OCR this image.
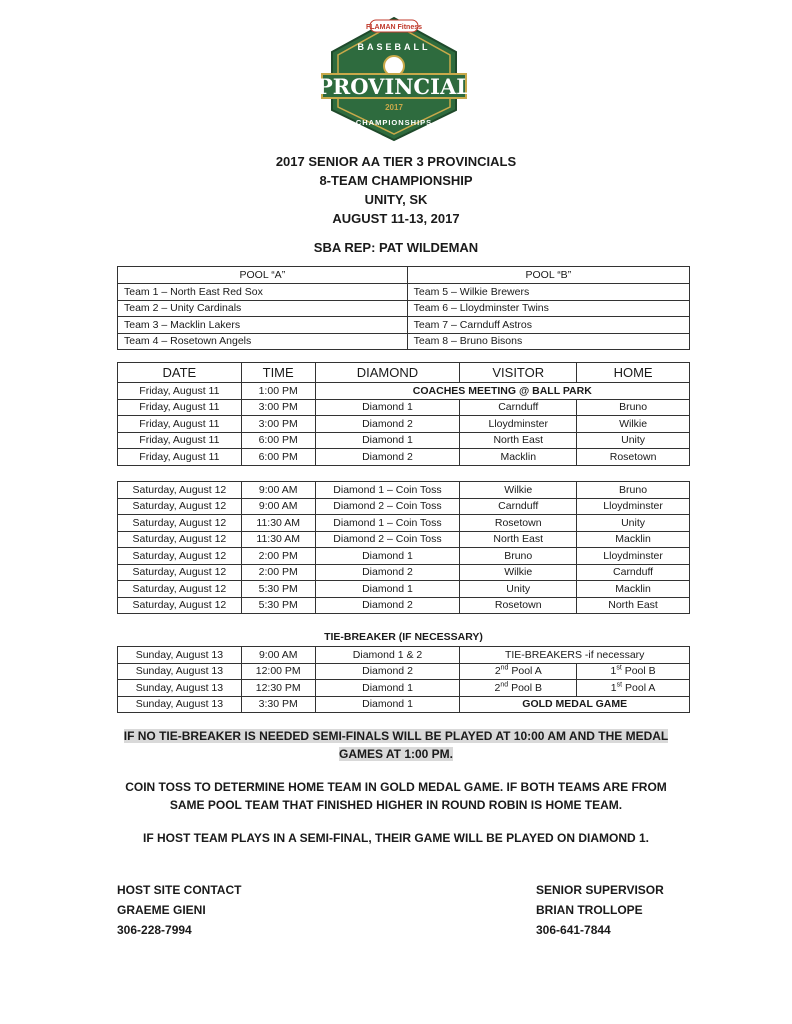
FLAMAN Fitness
BASEBALL
PROVINCIAL
2017
CHAMPIONSHIPS
2017 SENIOR AA TIER 3 PROVINCIALS
8-TEAM CHAMPIONSHIP
UNITY, SK
AUGUST 11-13, 2017
SBA REP: PAT WILDEMAN
POOL “A”	POOL “B”
Team 1 – North East Red Sox	Team 5 – Wilkie Brewers
Team 2 – Unity Cardinals	Team 6 – Lloydminster Twins
Team 3 – Macklin Lakers	Team 7 – Carnduff Astros
Team 4 – Rosetown Angels	Team 8 – Bruno Bisons
DATE	TIME	DIAMOND	VISITOR	HOME
Friday, August 11	1:00 PM	COACHES MEETING @ BALL PARK		
Friday, August 11	3:00 PM	Diamond 1	Carnduff	Bruno
Friday, August 11	3:00 PM	Diamond 2	Lloydminster	Wilkie
Friday, August 11	6:00 PM	Diamond 1	North East	Unity
Friday, August 11	6:00 PM	Diamond 2	Macklin	Rosetown
Saturday, August 12	9:00 AM	Diamond 1 – Coin Toss	Wilkie	Bruno
Saturday, August 12	9:00 AM	Diamond 2 – Coin Toss	Carnduff	Lloydminster
Saturday, August 12	11:30 AM	Diamond 1 – Coin Toss	Rosetown	Unity
Saturday, August 12	11:30 AM	Diamond 2 – Coin Toss	North East	Macklin
Saturday, August 12	2:00 PM	Diamond 1	Bruno	Lloydminster
Saturday, August 12	2:00 PM	Diamond 2	Wilkie	Carnduff
Saturday, August 12	5:30 PM	Diamond 1	Unity	Macklin
Saturday, August 12	5:30 PM	Diamond 2	Rosetown	North East
TIE-BREAKER (IF NECESSARY)
Sunday, August 13	9:00 AM	Diamond 1 & 2	TIE-BREAKERS -if necessary	
Sunday, August 13	12:00 PM	Diamond 2	2nd Pool A	1st Pool B
Sunday, August 13	12:30 PM	Diamond 1	2nd Pool B	1st Pool A
Sunday, August 13	3:30 PM	Diamond 1	GOLD MEDAL GAME	
IF NO TIE-BREAKER IS NEEDED SEMI-FINALS WILL BE PLAYED AT 10:00 AM AND THE MEDAL
GAMES AT 1:00 PM.
COIN TOSS TO DETERMINE HOME TEAM IN GOLD MEDAL GAME. IF BOTH TEAMS ARE FROM
SAME POOL TEAM THAT FINISHED HIGHER IN ROUND ROBIN IS HOME TEAM.
IF HOST TEAM PLAYS IN A SEMI-FINAL, THEIR GAME WILL BE PLAYED ON DIAMOND 1.
HOST SITE CONTACT
GRAEME GIENI
306-228-7994
SENIOR SUPERVISOR
BRIAN TROLLOPE
306-641-7844
